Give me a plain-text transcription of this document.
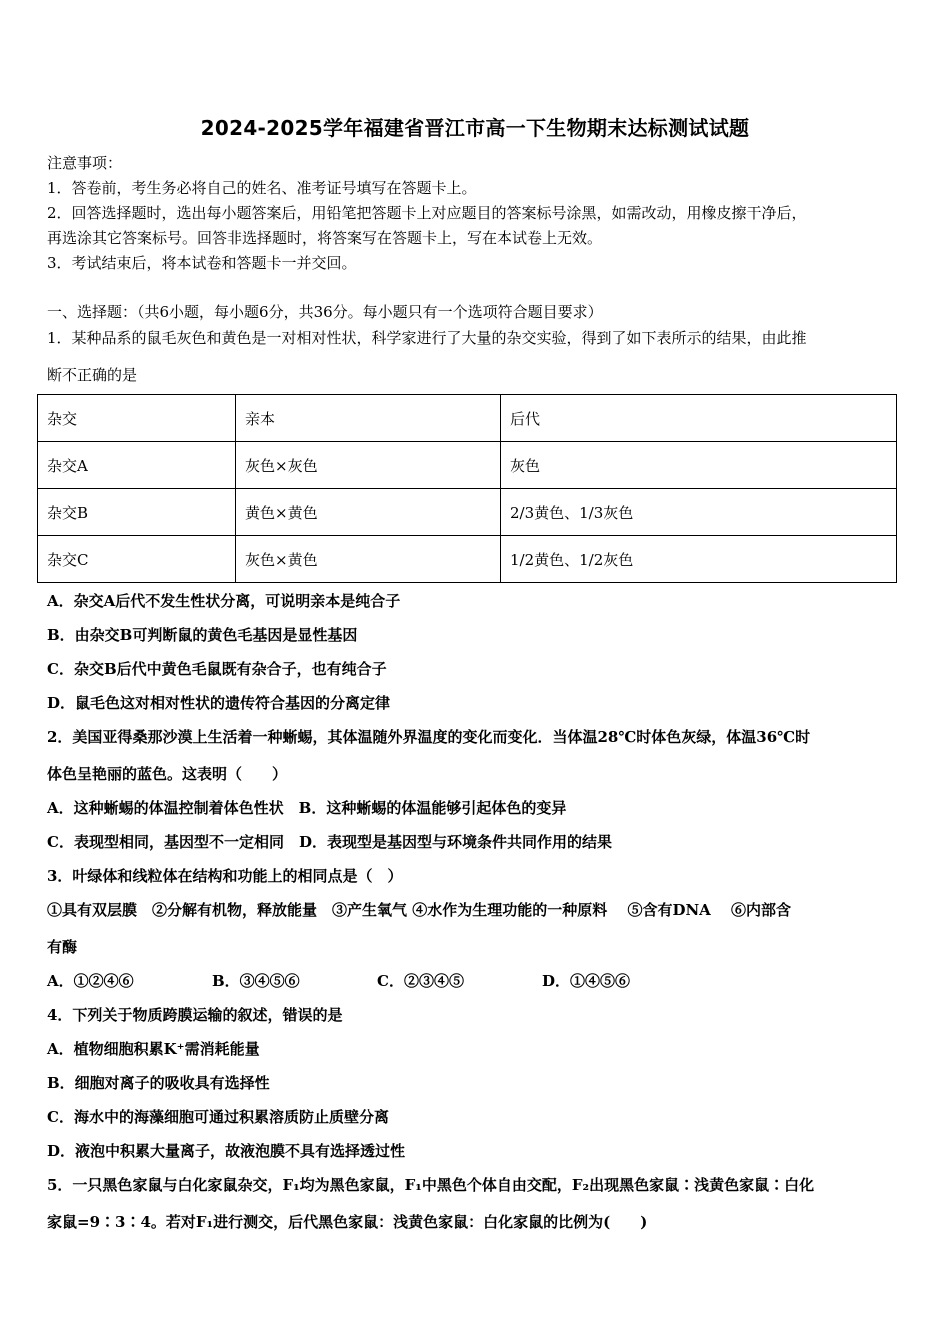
2024-2025学年福建省晋江市高一下生物期末达标测试试题
注意事项：
1．答卷前，考生务必将自己的姓名、准考证号填写在答题卡上。
2．回答选择题时，选出每小题答案后，用铅笔把答题卡上对应题目的答案标号涂黑，如需改动，用橡皮擦干净后，
再选涂其它答案标号。回答非选择题时，将答案写在答题卡上，写在本试卷上无效。
3．考试结束后，将本试卷和答题卡一并交回。
一、选择题：（共6小题，每小题6分，共36分。每小题只有一个选项符合题目要求）
1．某种品系的鼠毛灰色和黄色是一对相对性状，科学家进行了大量的杂交实验，得到了如下表所示的结果，由此推
断不正确的是
杂交	亲本	后代
杂交A	灰色×灰色	灰色
杂交B	黄色×黄色	2/3黄色、1/3灰色
杂交C	灰色×黄色	1/2黄色、1/2灰色
A．杂交A后代不发生性状分离，可说明亲本是纯合子
B．由杂交B可判断鼠的黄色毛基因是显性基因
C．杂交B后代中黄色毛鼠既有杂合子，也有纯合子
D．鼠毛色这对相对性状的遗传符合基因的分离定律
2．美国亚得桑那沙漠上生活着一种蜥蜴，其体温随外界温度的变化而变化．当体温28℃时体色灰绿，体温36℃时
体色呈艳丽的蓝色。这表明（　　）
A．这种蜥蜴的体温控制着体色性状　B．这种蜥蜴的体温能够引起体色的变异
C．表现型相同，基因型不一定相同　D．表现型是基因型与环境条件共同作用的结果
3．叶绿体和线粒体在结构和功能上的相同点是（　）
①具有双层膜　②分解有机物，释放能量　③产生氧气 ④水作为生理功能的一种原料　 ⑤含有DNA　 ⑥内部含
有酶
A．①②④⑥	B．③④⑤⑥	C．②③④⑤	D．①④⑤⑥
4．下列关于物质跨膜运输的叙述，错误的是
A．植物细胞积累K⁺需消耗能量
B．细胞对离子的吸收具有选择性
C．海水中的海藻细胞可通过积累溶质防止质壁分离
D．液泡中积累大量离子，故液泡膜不具有选择透过性
5．一只黑色家鼠与白化家鼠杂交，F₁均为黑色家鼠，F₁中黑色个体自由交配，F₂出现黑色家鼠∶浅黄色家鼠∶白化
家鼠=9∶3∶4。若对F₁进行测交，后代黑色家鼠：浅黄色家鼠：白化家鼠的比例为(　　)
